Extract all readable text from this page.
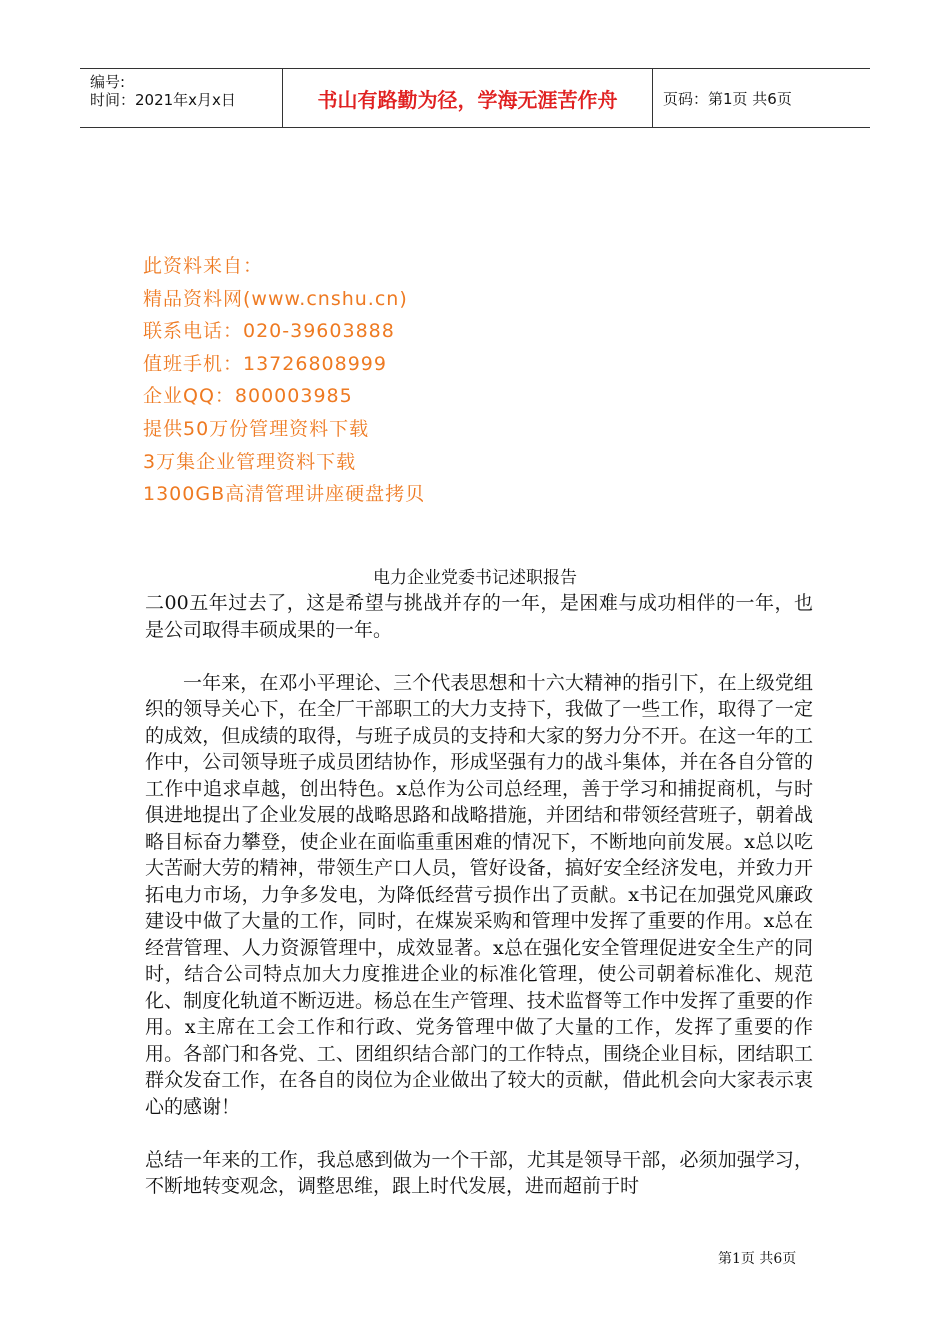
编号:
时间：2021年x月x日	书山有路勤为径，学海无涯苦作舟	页码：第1页 共6页
此资料来自：
精品资料网(www.cnshu.cn)
联系电话：020-39603888
值班手机：13726808999
企业QQ：800003985
提供50万份管理资料下载
3万集企业管理资料下载
1300GB高清管理讲座硬盘拷贝
电力企业党委书记述职报告

二00五年过去了，这是希望与挑战并存的一年，是困难与成功相伴的一年，也是公司取得丰硕成果的一年。

一年来，在邓小平理论、三个代表思想和十六大精神的指引下，在上级党组织的领导关心下，在全厂干部职工的大力支持下，我做了一些工作，取得了一定的成效，但成绩的取得，与班子成员的支持和大家的努力分不开。在这一年的工作中，公司领导班子成员团结协作，形成坚强有力的战斗集体，并在各自分管的工作中追求卓越，创出特色。x总作为公司总经理，善于学习和捕捉商机，与时俱进地提出了企业发展的战略思路和战略措施，并团结和带领经营班子，朝着战略目标奋力攀登，使企业在面临重重困难的情况下，不断地向前发展。x总以吃大苦耐大劳的精神，带领生产口人员，管好设备，搞好安全经济发电，并致力开拓电力市场，力争多发电，为降低经营亏损作出了贡献。x书记在加强党风廉政建设中做了大量的工作，同时，在煤炭采购和管理中发挥了重要的作用。x总在经营管理、人力资源管理中，成效显著。x总在强化安全管理促进安全生产的同时，结合公司特点加大力度推进企业的标准化管理，使公司朝着标准化、规范化、制度化轨道不断迈进。杨总在生产管理、技术监督等工作中发挥了重要的作用。x主席在工会工作和行政、党务管理中做了大量的工作，发挥了重要的作用。各部门和各党、工、团组织结合部门的工作特点，围绕企业目标，团结职工群众发奋工作，在各自的岗位为企业做出了较大的贡献，借此机会向大家表示衷心的感谢！

总结一年来的工作，我总感到做为一个干部，尤其是领导干部，必须加强学习，不断地转变观念，调整思维，跟上时代发展，进而超前于时

第1页 共6页
